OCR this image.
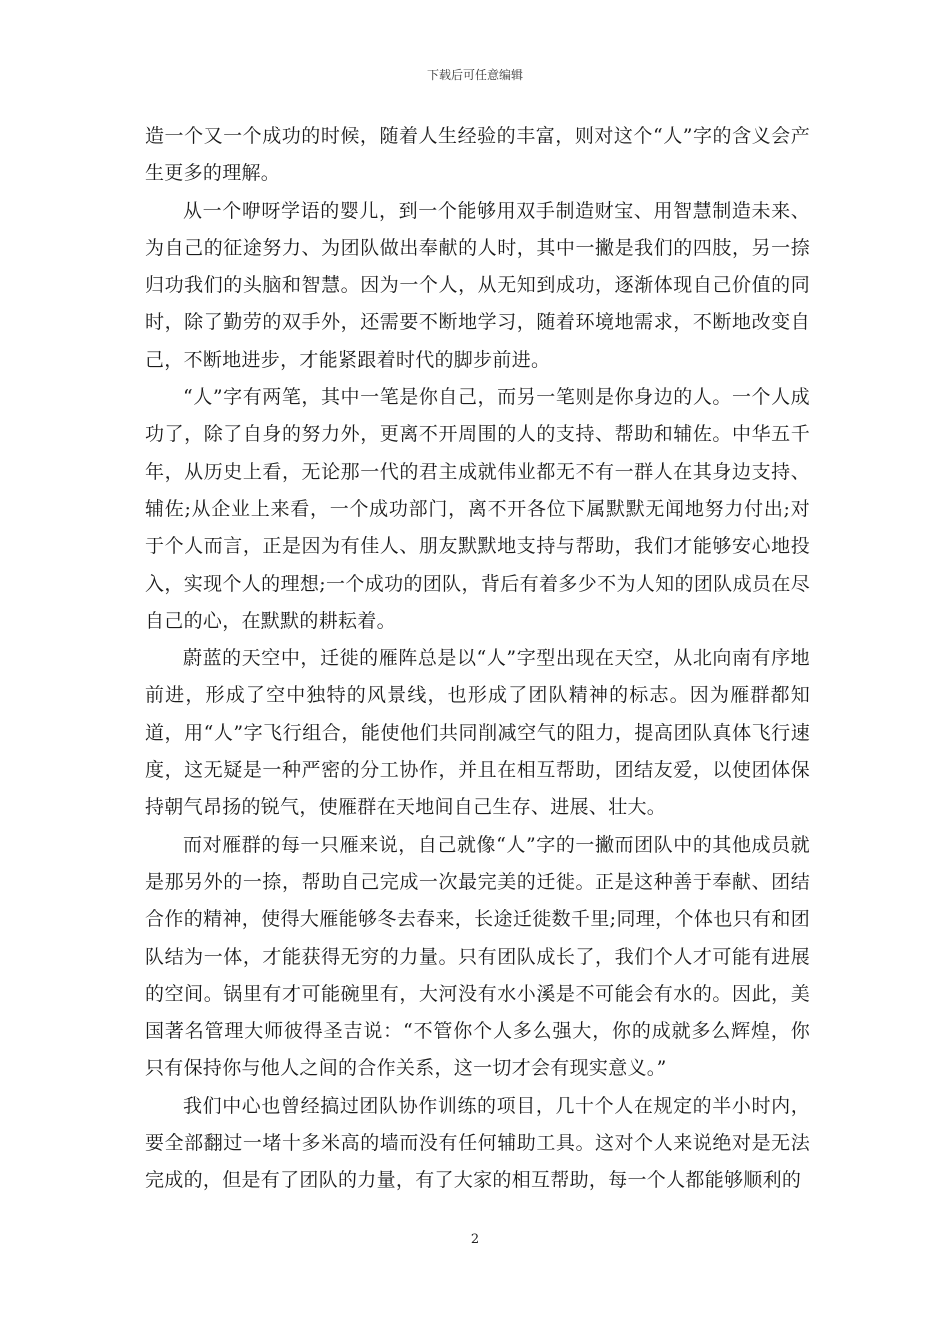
下载后可任意编辑

造一个又一个成功的时候，随着人生经验的丰富，则对这个“人”字的含义会产生更多的理解。

从一个咿呀学语的婴儿，到一个能够用双手制造财宝、用智慧制造未来、为自己的征途努力、为团队做出奉献的人时，其中一撇是我们的四肢，另一捺归功我们的头脑和智慧。因为一个人，从无知到成功，逐渐体现自己价值的同时，除了勤劳的双手外，还需要不断地学习，随着环境地需求，不断地改变自己，不断地进步，才能紧跟着时代的脚步前进。

“人”字有两笔，其中一笔是你自己，而另一笔则是你身边的人。一个人成功了，除了自身的努力外，更离不开周围的人的支持、帮助和辅佐。中华五千年，从历史上看，无论那一代的君主成就伟业都无不有一群人在其身边支持、辅佐;从企业上来看，一个成功部门，离不开各位下属默默无闻地努力付出;对于个人而言，正是因为有佳人、朋友默默地支持与帮助，我们才能够安心地投入，实现个人的理想;一个成功的团队，背后有着多少不为人知的团队成员在尽自己的心，在默默的耕耘着。

蔚蓝的天空中，迁徙的雁阵总是以“人”字型出现在天空，从北向南有序地前进，形成了空中独特的风景线，也形成了团队精神的标志。因为雁群都知道，用“人”字飞行组合，能使他们共同削减空气的阻力，提高团队真体飞行速度，这无疑是一种严密的分工协作，并且在相互帮助，团结友爱，以使团体保持朝气昂扬的锐气，使雁群在天地间自己生存、进展、壮大。

而对雁群的每一只雁来说，自己就像“人”字的一撇而团队中的其他成员就是那另外的一捺，帮助自己完成一次最完美的迁徙。正是这种善于奉献、团结合作的精神，使得大雁能够冬去春来，长途迁徙数千里;同理，个体也只有和团队结为一体，才能获得无穷的力量。只有团队成长了，我们个人才可能有进展的空间。锅里有才可能碗里有，大河没有水小溪是不可能会有水的。因此，美国著名管理大师彼得圣吉说：“不管你个人多么强大，你的成就多么辉煌，你只有保持你与他人之间的合作关系，这一切才会有现实意义。”

我们中心也曾经搞过团队协作训练的项目，几十个人在规定的半小时内，要全部翻过一堵十多米高的墙而没有任何辅助工具。这对个人来说绝对是无法完成的，但是有了团队的力量，有了大家的相互帮助，每一个人都能够顺利的

2
